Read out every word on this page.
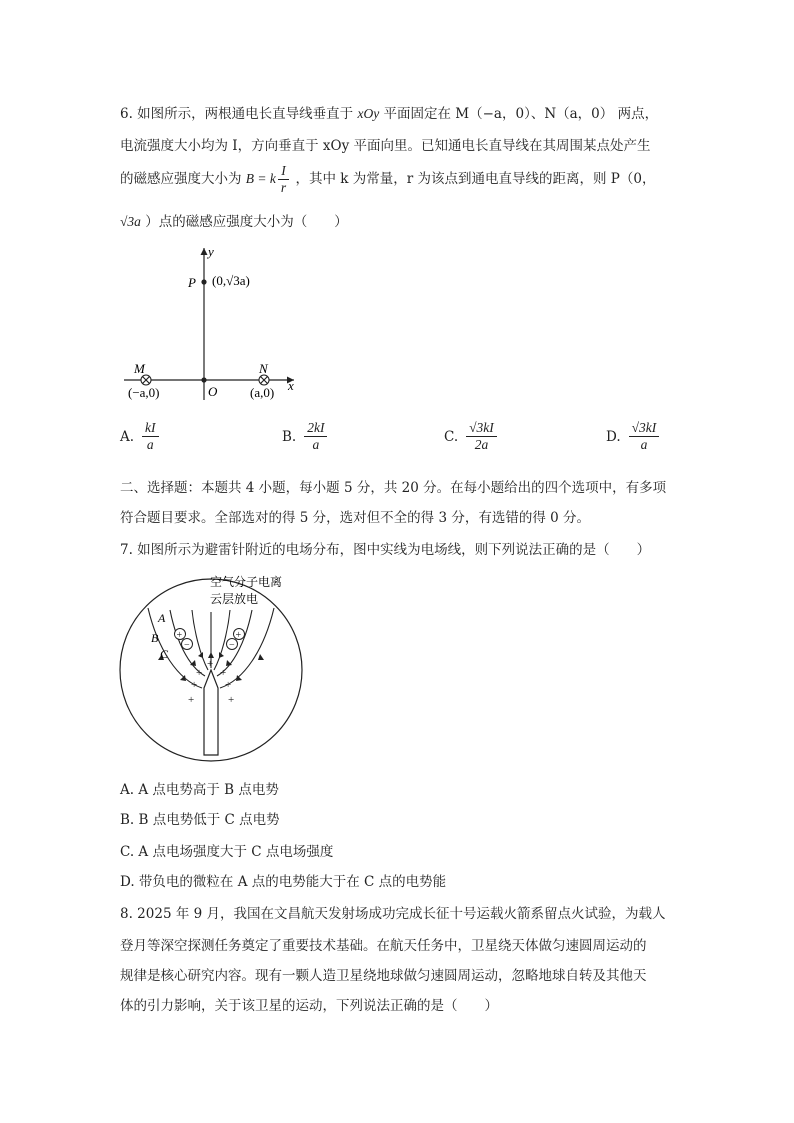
6. 如图所示，两根通电长直导线垂直于 xOy 平面固定在 M（−a，0）、N（a，0） 两点，
电流强度大小均为 I，方向垂直于 xOy 平面向里。已知通电长直导线在其周围某点处产生
的磁感应强度大小为 B = k $\frac{I}{r}$ ，其中 k 为常量，r 为该点到通电直导线的距离，则 P（0，
√3a ）点的磁感应强度大小为（　　）
y
x
O
P (0,√3a)
M
(−a,0)
N
(a,0)
A. $\frac{kI}{a}$	B. $\frac{2kI}{a}$	C. $\frac{√3kI}{2a}$	D. $\frac{√3kI}{a}$
二、选择题：本题共 4 小题，每小题 5 分，共 20 分。在每小题给出的四个选项中，有多项
符合题目要求。全部选对的得 5 分，选对但不全的得 3 分，有选错的得 0 分。
7. 如图所示为避雷针附近的电场分布，图中实线为电场线，则下列说法正确的是（　　）
空气分子电离
云层放电
+ +
+	+
+	+
+
+
−
+
−
A
B
C
A. A 点电势高于 B 点电势
B. B 点电势低于 C 点电势
C. A 点电场强度大于 C 点电场强度
D. 带负电的微粒在 A 点的电势能大于在 C 点的电势能
8. 2025 年 9 月，我国在文昌航天发射场成功完成长征十号运载火箭系留点火试验，为载人
登月等深空探测任务奠定了重要技术基础。在航天任务中，卫星绕天体做匀速圆周运动的
规律是核心研究内容。现有一颗人造卫星绕地球做匀速圆周运动，忽略地球自转及其他天
体的引力影响，关于该卫星的运动，下列说法正确的是（　　）
